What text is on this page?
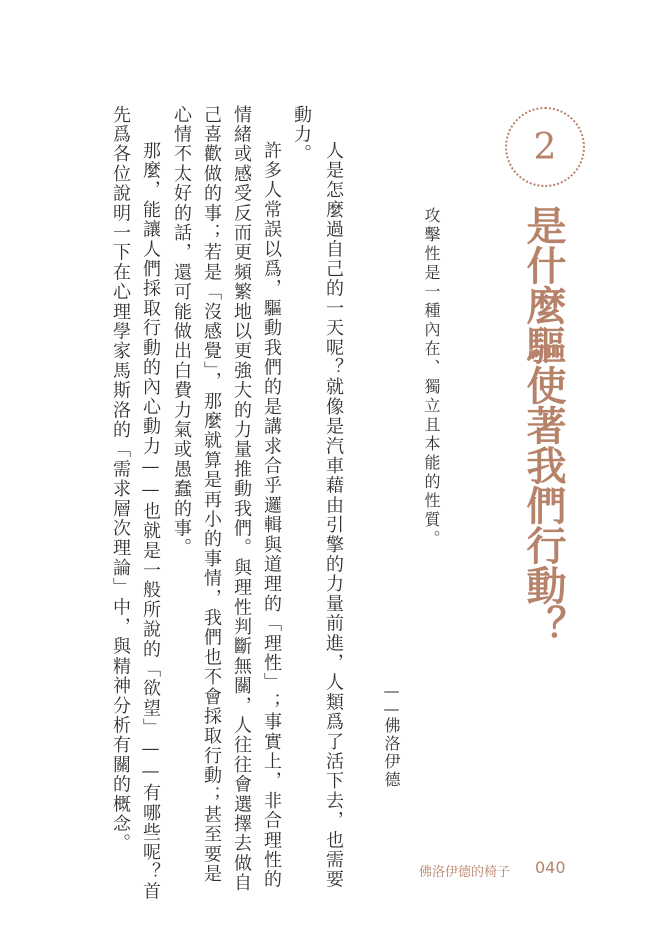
2
是什麼驅使著我們行動？
攻擊性是一種內在、獨立且本能的性質。
——佛洛伊德
人是怎麼過自己的一天呢？就像是汽車藉由引擎的力量前進，人類爲了活下去，也需要
動力。
許多人常誤以爲，驅動我們的是講求合乎邏輯與道理的「理性」；事實上，非合理性的
情緒或感受反而更頻繁地以更強大的力量推動我們。與理性判斷無關，人往往會選擇去做自
己喜歡做的事；若是「沒感覺」，那麼就算是再小的事情，我們也不會採取行動；甚至要是
心情不太好的話，還可能做出白費力氣或愚蠢的事。
那麼，能讓人們採取行動的內心動力——也就是一般所說的「欲望」——有哪些呢？首
先爲各位說明一下在心理學家馬斯洛的「需求層次理論」中，與精神分析有關的概念。
佛洛伊德的椅子 040
